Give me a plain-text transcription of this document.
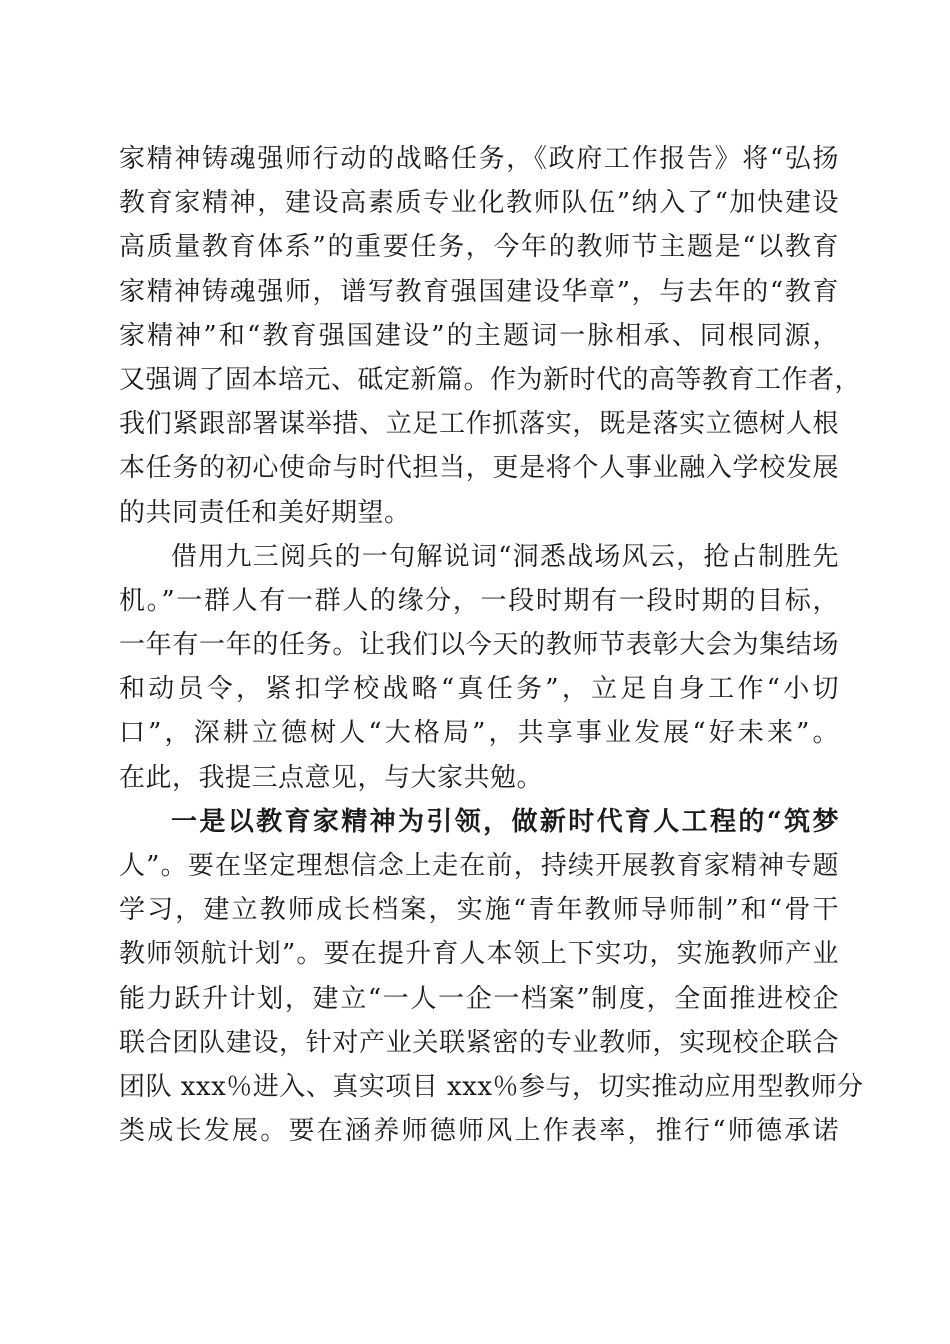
家精神铸魂强师行动的战略任务，《政府工作报告》将“弘扬
教育家精神，建设高素质专业化教师队伍”纳入了“加快建设
高质量教育体系”的重要任务，今年的教师节主题是“以教育
家精神铸魂强师，谱写教育强国建设华章”，与去年的“教育
家精神”和“教育强国建设”的主题词一脉相承、同根同源，
又强调了固本培元、砥定新篇。作为新时代的高等教育工作者，
我们紧跟部署谋举措、立足工作抓落实，既是落实立德树人根
本任务的初心使命与时代担当，更是将个人事业融入学校发展
的共同责任和美好期望。
借用九三阅兵的一句解说词“洞悉战场风云，抢占制胜先
机。”一群人有一群人的缘分，一段时期有一段时期的目标，
一年有一年的任务。让我们以今天的教师节表彰大会为集结场
和动员令，紧扣学校战略“真任务”，立足自身工作“小切
口”，深耕立德树人“大格局”，共享事业发展“好未来”。
在此，我提三点意见，与大家共勉。
一是以教育家精神为引领，做新时代育人工程的“筑梦
人”。要在坚定理想信念上走在前，持续开展教育家精神专题
学习，建立教师成长档案，实施“青年教师导师制”和“骨干
教师领航计划”。要在提升育人本领上下实功，实施教师产业
能力跃升计划，建立“一人一企一档案”制度，全面推进校企
联合团队建设，针对产业关联紧密的专业教师，实现校企联合
团队 xxx％进入、真实项目 xxx％参与，切实推动应用型教师分
类成长发展。要在涵养师德师风上作表率，推行“师德承诺
